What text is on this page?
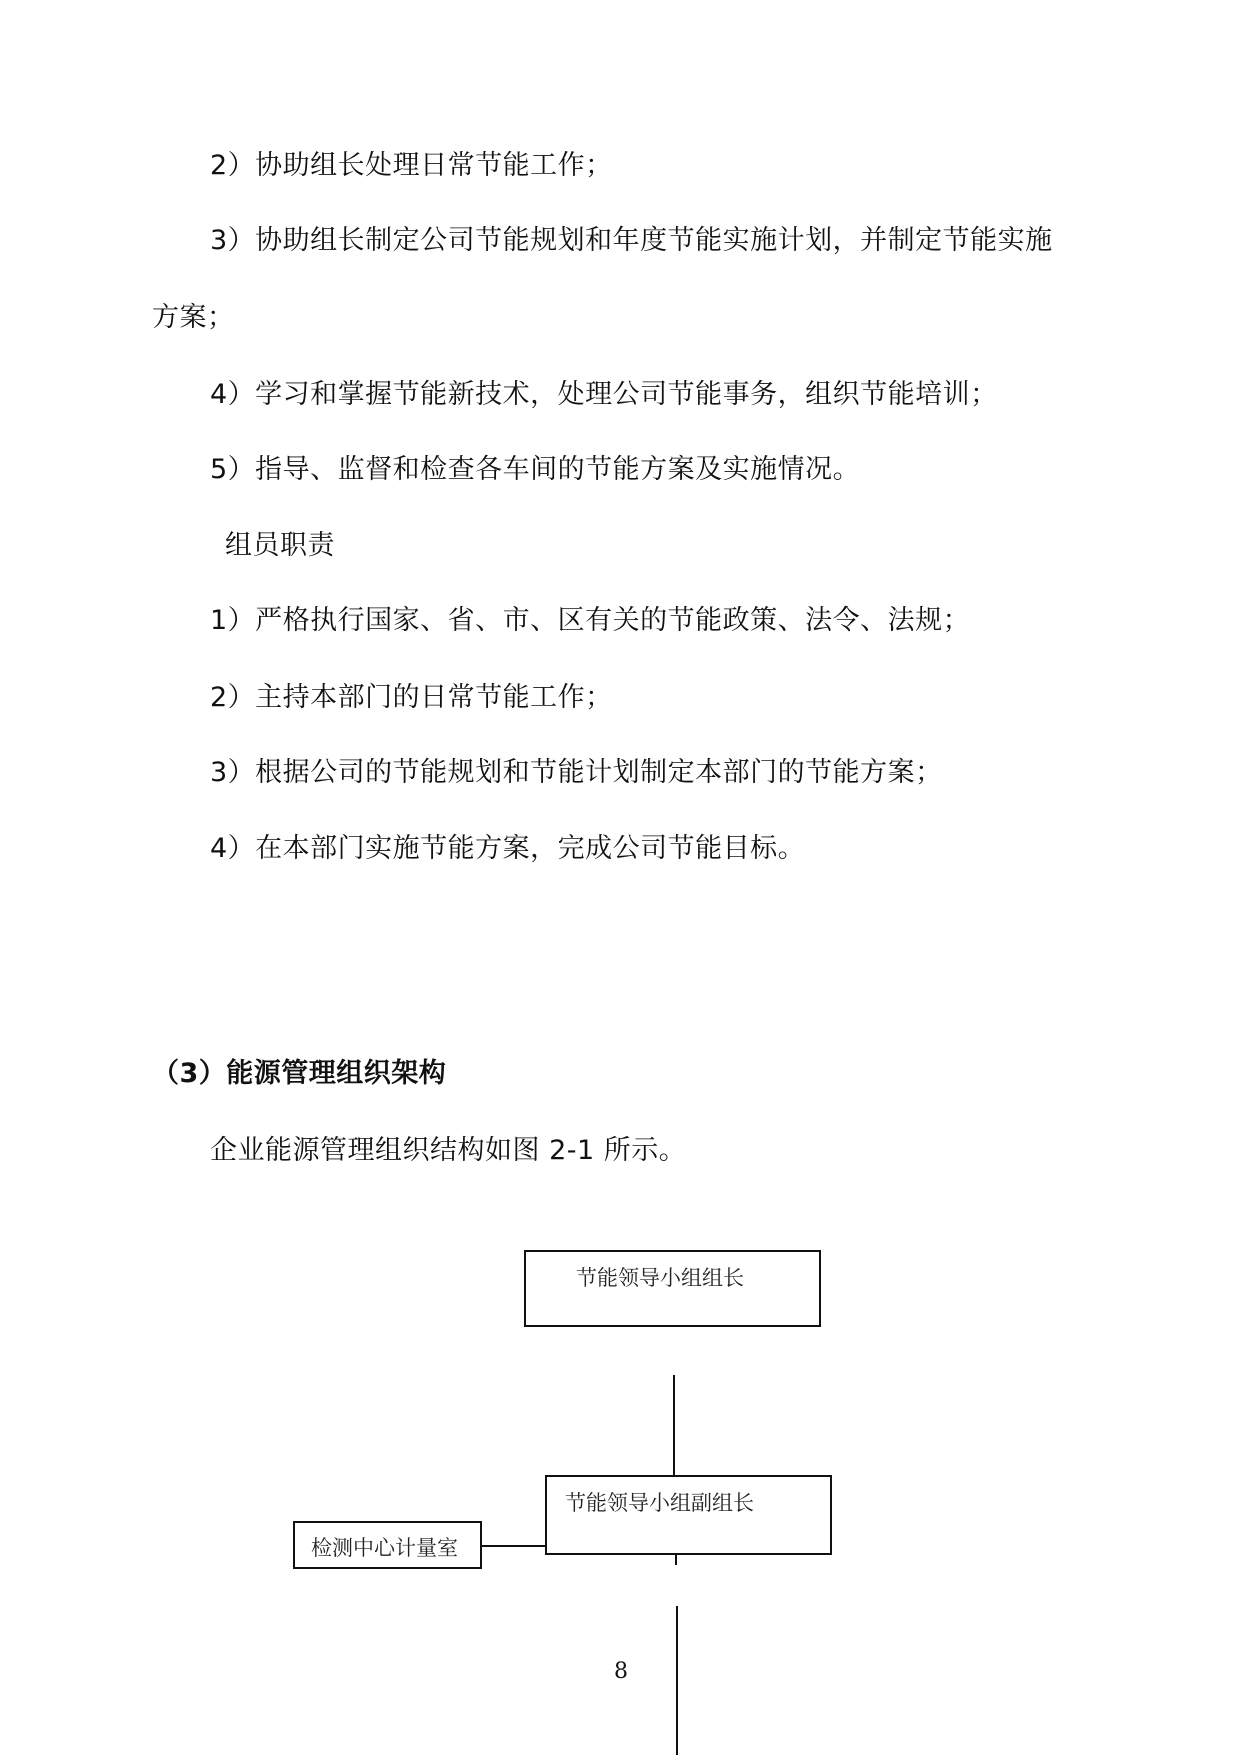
2）协助组长处理日常节能工作；
3）协助组长制定公司节能规划和年度节能实施计划，并制定节能实施
方案；
4）学习和掌握节能新技术，处理公司节能事务，组织节能培训；
5）指导、监督和检查各车间的节能方案及实施情况。
组员职责
1）严格执行国家、省、市、区有关的节能政策、法令、法规；
2）主持本部门的日常节能工作；
3）根据公司的节能规划和节能计划制定本部门的节能方案；
4）在本部门实施节能方案，完成公司节能目标。
（3）能源管理组织架构
企业能源管理组织结构如图 2-1 所示。
节能领导小组组长
节能领导小组副组长
检测中心计量室
8
